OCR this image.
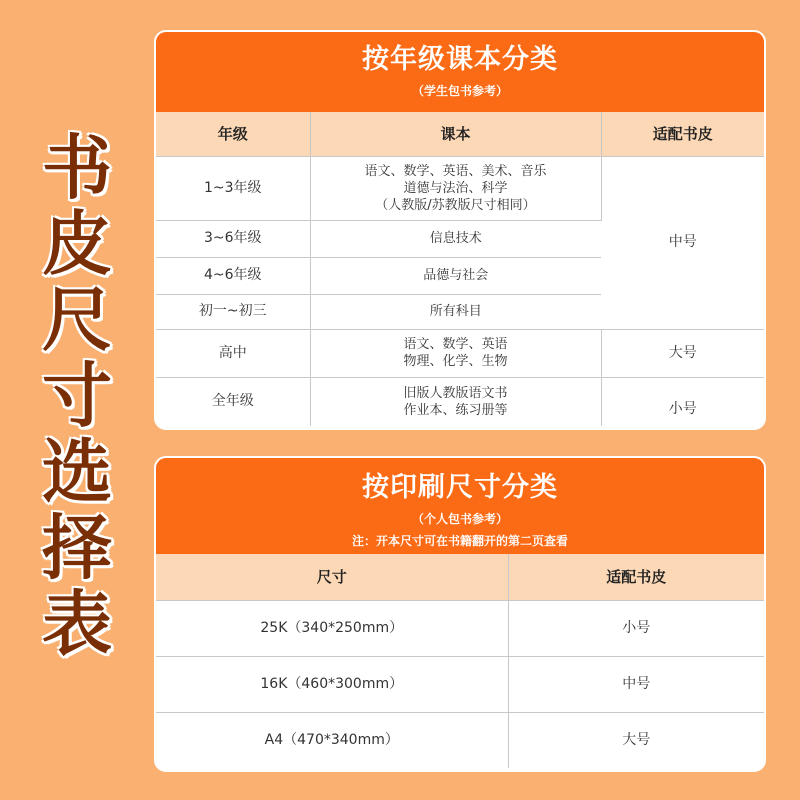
书
皮
尺
寸
选
择
表
按年级课本分类
（学生包书参考）
年级	课本	适配书皮
1~3年级	语文、数学、英语、美术、音乐
道德与法治、科学
（人教版/苏教版尺寸相同）	中号
3~6年级	信息技术	

4~6年级	品德与社会	

初一~初三	所有科目	

高中	语文、数学、英语
物理、化学、生物	大号
全年级	旧版人教版语文书
作业本、练习册等	小号
按印刷尺寸分类
（个人包书参考）
注：开本尺寸可在书籍翻开的第二页查看
尺寸	适配书皮
25K（340*250mm）	小号
16K（460*300mm）	中号
A4（470*340mm）	大号
